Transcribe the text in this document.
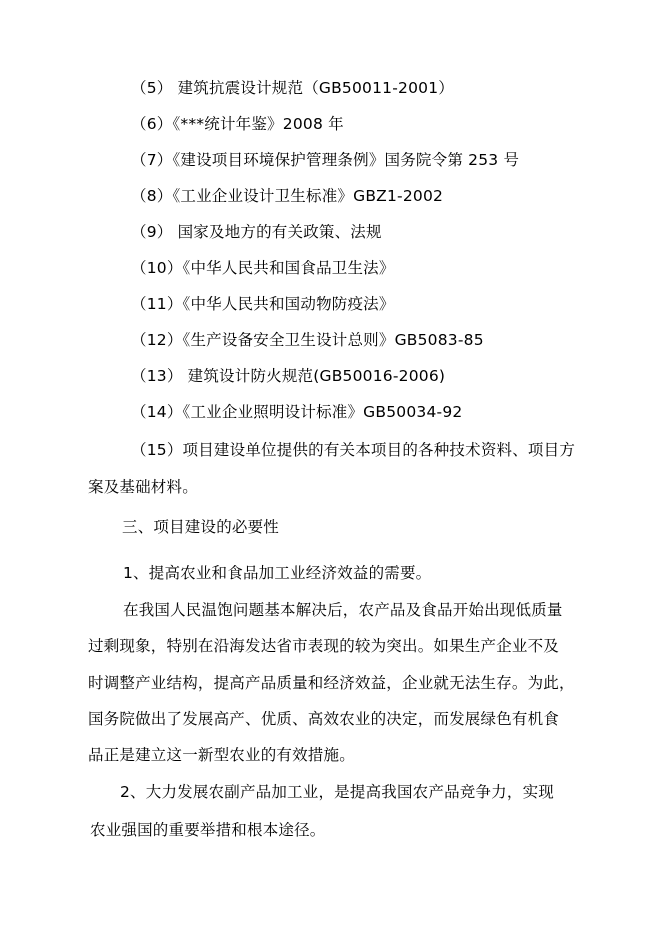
（5） 建筑抗震设计规范（GB50011-2001）
（6）《***统计年鉴》2008 年
（7）《建设项目环境保护管理条例》国务院令第 253 号
（8）《工业企业设计卫生标准》GBZ1-2002
（9） 国家及地方的有关政策、法规
（10）《中华人民共和国食品卫生法》
（11）《中华人民共和国动物防疫法》
（12）《生产设备安全卫生设计总则》GB5083-85
（13） 建筑设计防火规范(GB50016-2006)
（14）《工业企业照明设计标准》GB50034-92
（15）项目建设单位提供的有关本项目的各种技术资料、项目方
案及基础材料。
三、项目建设的必要性
1、提高农业和食品加工业经济效益的需要。
在我国人民温饱问题基本解决后，农产品及食品开始出现低质量
过剩现象，特别在沿海发达省市表现的较为突出。如果生产企业不及
时调整产业结构，提高产品质量和经济效益，企业就无法生存。为此，
国务院做出了发展高产、优质、高效农业的决定，而发展绿色有机食
品正是建立这一新型农业的有效措施。
2、大力发展农副产品加工业，是提高我国农产品竞争力，实现
农业强国的重要举措和根本途径。
